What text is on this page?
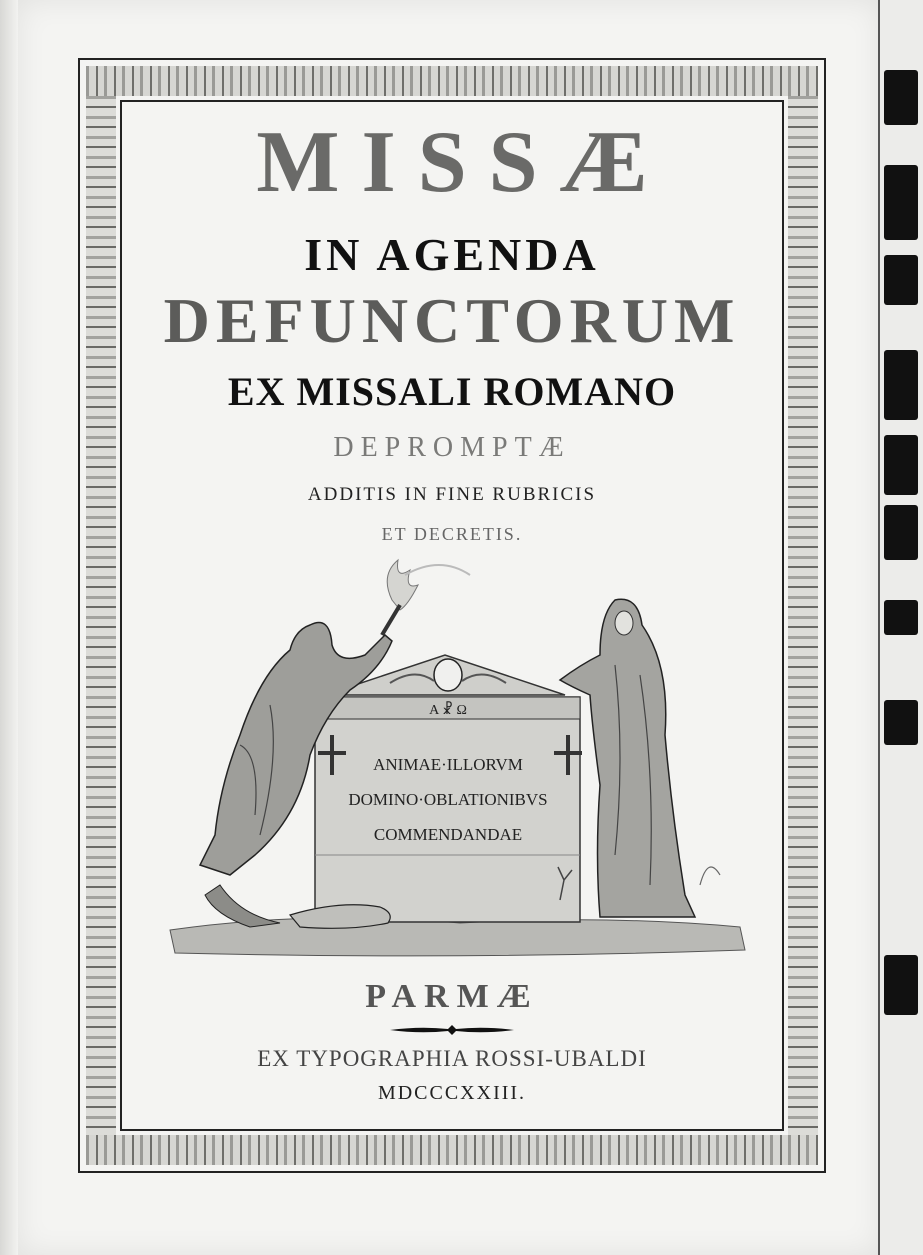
MISSÆ
IN AGENDA
DEFUNCTORUM
EX MISSALI ROMANO
DEPROMPTÆ
ADDITIS IN FINE RUBRICIS
ET DECRETIS.
Α ☧ Ω
ANIMAE·ILLORVM
DOMINO·OBLATIONIBVS
COMMENDANDAE
PARMÆ
EX TYPOGRAPHIA ROSSI-UBALDI
MDCCCXXIII.
